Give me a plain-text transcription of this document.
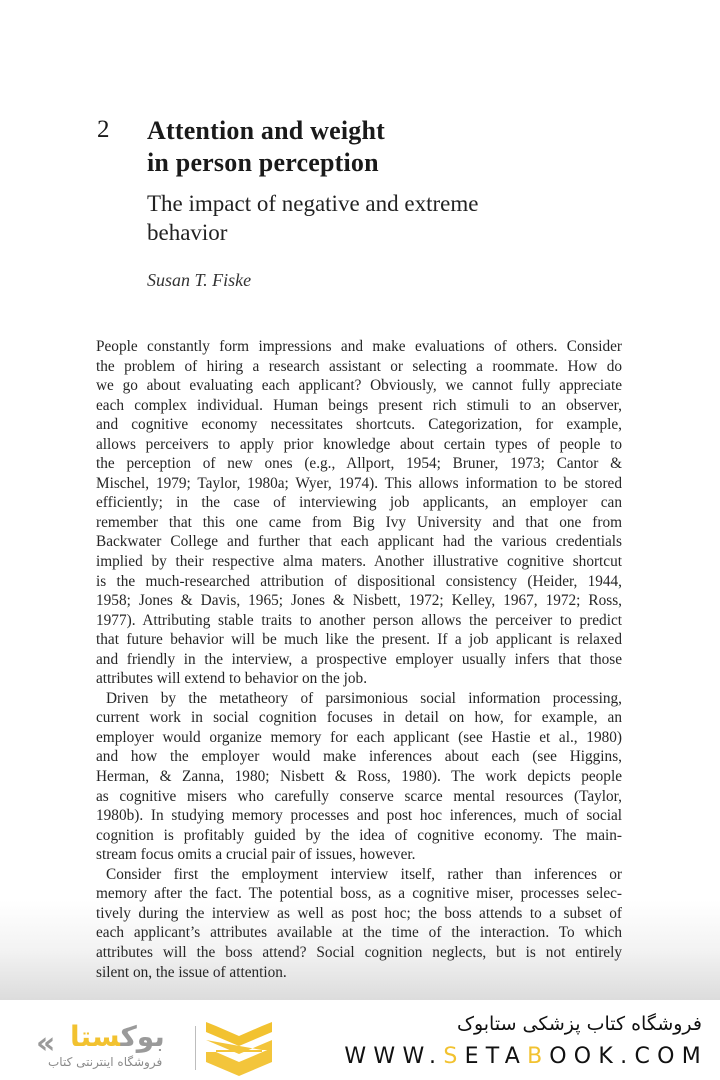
2 Attention and weight
in person perception
The impact of negative and extreme
behavior
Susan T. Fiske
People constantly form impressions and make evaluations of others. Consider
the problem of hiring a research assistant or selecting a roommate. How do
we go about evaluating each applicant? Obviously, we cannot fully appreciate
each complex individual. Human beings present rich stimuli to an observer,
and cognitive economy necessitates shortcuts. Categorization, for example,
allows perceivers to apply prior knowledge about certain types of people to
the perception of new ones (e.g., Allport, 1954; Bruner, 1973; Cantor &
Mischel, 1979; Taylor, 1980a; Wyer, 1974). This allows information to be stored
efficiently; in the case of interviewing job applicants, an employer can
remember that this one came from Big Ivy University and that one from
Backwater College and further that each applicant had the various credentials
implied by their respective alma maters. Another illustrative cognitive shortcut
is the much-researched attribution of dispositional consistency (Heider, 1944,
1958; Jones & Davis, 1965; Jones & Nisbett, 1972; Kelley, 1967, 1972; Ross,
1977). Attributing stable traits to another person allows the perceiver to predict
that future behavior will be much like the present. If a job applicant is relaxed
and friendly in the interview, a prospective employer usually infers that those
attributes will extend to behavior on the job.
Driven by the metatheory of parsimonious social information processing,
current work in social cognition focuses in detail on how, for example, an
employer would organize memory for each applicant (see Hastie et al., 1980)
and how the employer would make inferences about each (see Higgins,
Herman, & Zanna, 1980; Nisbett & Ross, 1980). The work depicts people
as cognitive misers who carefully conserve scarce mental resources (Taylor,
1980b). In studying memory processes and post hoc inferences, much of social
cognition is profitably guided by the idea of cognitive economy. The main-
stream focus omits a crucial pair of issues, however.
Consider first the employment interview itself, rather than inferences or
memory after the fact. The potential boss, as a cognitive miser, processes selec-
tively during the interview as well as post hoc; the boss attends to a subset of
each applicant’s attributes available at the time of the interaction. To which
attributes will the boss attend? Social cognition neglects, but is not entirely
silent on, the issue of attention.
«	بوکستا
فروشگاه اینترنتی کتاب
فروشگاه کتاب پزشکی ستابوک
WWW.SETABOOK.COM
